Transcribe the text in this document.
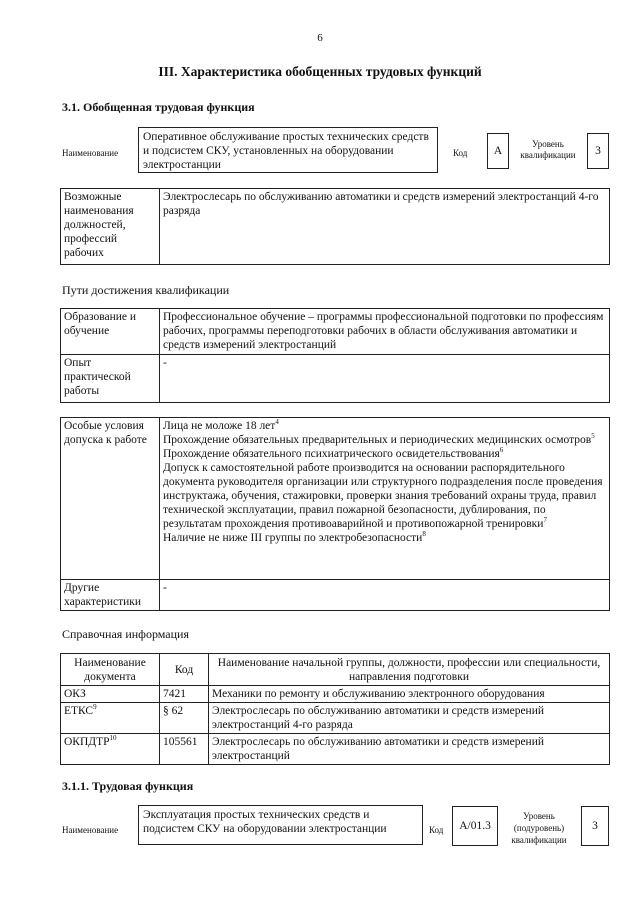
6
III. Характеристика обобщенных трудовых функций
3.1. Обобщенная трудовая функция
Наименование
Оперативное обслуживание простых технических средств и подсистем СКУ, установленных на оборудовании электростанции
Код	А
Уровень квалификации	3
Возможные наименования должностей, профессий рабочих	Электрослесарь по обслуживанию автоматики и средств измерений электростанций 4-го разряда
Пути достижения квалификации
Образование и обучение	Профессиональное обучение – программы профессиональной подготовки по профессиям рабочих, программы переподготовки рабочих в области обслуживания автоматики и средств измерений электростанций
Опыт практической работы	-
Особые условия допуска к работе	Лица не моложе 18 лет$^4$
Прохождение обязательных предварительных и периодических медицинских осмотров$^5$
Прохождение обязательного психиатрического освидетельствования$^6$
Допуск к самостоятельной работе производится на основании распорядительного документа руководителя организации или структурного подразделения после проведения инструктажа, обучения, стажировки, проверки знания требований охраны труда, правил технической эксплуатации, правил пожарной безопасности, дублирования, по результатам прохождения противоаварийной и противопожарной тренировки$^7$
Наличие не ниже III группы по электробезопасности$^8$

Другие характеристики	-
Справочная информация
Наименование документа	Код	Наименование начальной группы, должности, профессии или специальности, направления подготовки
ОКЗ	7421	Механики по ремонту и обслуживанию электронного оборудования
ЕТКС$^9$	§ 62	Электрослесарь по обслуживанию автоматики и средств измерений электростанций 4-го разряда
ОКПДТР$^{10}$	105561	Электрослесарь по обслуживанию автоматики и средств измерений электростанций
3.1.1. Трудовая функция
Наименование
Эксплуатация простых технических средств и подсистем СКУ на оборудовании электростанции	Код	А/01.3
Уровень (подуровень) квалификации
3
